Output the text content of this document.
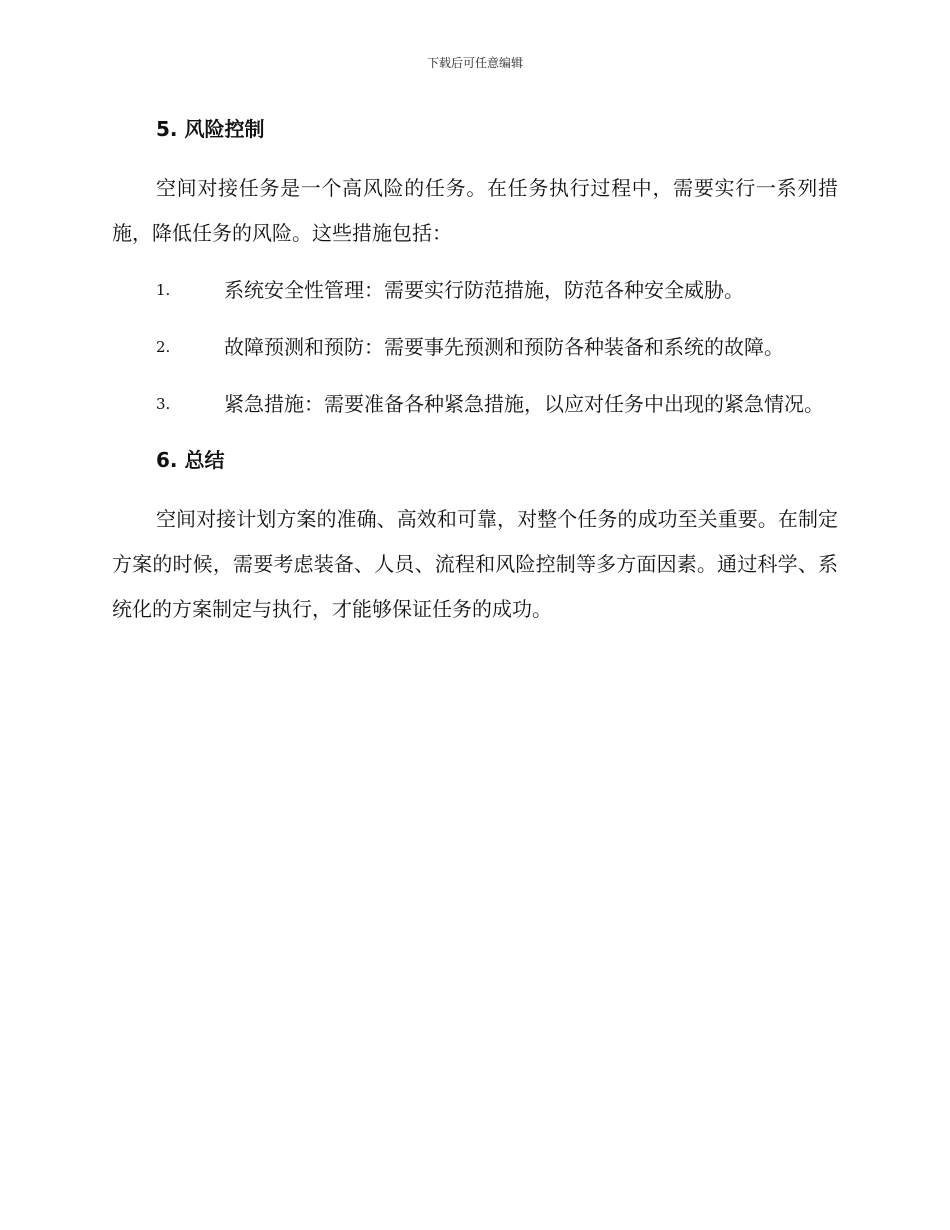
下载后可任意编辑
5. 风险控制

空间对接任务是一个高风险的任务。在任务执行过程中，需要实行一系列措施，降低任务的风险。这些措施包括：

1.	系统安全性管理：需要实行防范措施，防范各种安全威胁。
2.	故障预测和预防：需要事先预测和预防各种装备和系统的故障。
3.	紧急措施：需要准备各种紧急措施，以应对任务中出现的紧急情况。
6. 总结

空间对接计划方案的准确、高效和可靠，对整个任务的成功至关重要。在制定方案的时候，需要考虑装备、人员、流程和风险控制等多方面因素。通过科学、系统化的方案制定与执行，才能够保证任务的成功。
